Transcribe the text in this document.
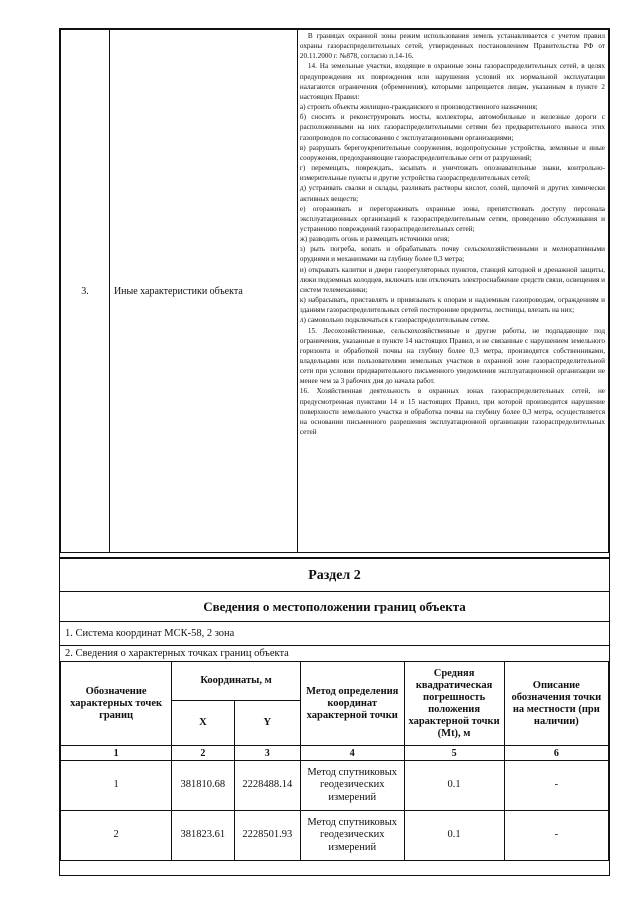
3.	Иные характеристики объекта	

В границах охранной зоны режим использования земель устанавливается с учетом правил охраны газораспределительных сетей, утвержденных постановлением Правительства РФ от 20.11.2000 г. №878, согласно п.14-16.

14. На земельные участки, входящие в охранные зоны газораспределительных сетей, в целях предупреждения их повреждения или нарушения условий их нормальной эксплуатации налагаются ограничения (обременения), которыми запрещается лицам, указанным в пункте 2 настоящих Правил:

а) строить объекты жилищно-гражданского и производственного назначения;

б) сносить и реконструировать мосты, коллекторы, автомобильные и железные дороги с расположенными на них газораспределительными сетями без предварительного выноса этих газопроводов по согласованию с эксплуатационными организациями;

в) разрушать берегоукрепительные сооружения, водопропускные устройства, земляные и иные сооружения, предохраняющие газораспределительные сети от разрушений;

г) перемещать, повреждать, засыпать и уничтожать опознавательные знаки, контрольно-измерительные пункты и другие устройства газораспределительных сетей;

д) устраивать свалки и склады, разливать растворы кислот, солей, щелочей и других химически активных веществ;

е) огораживать и перегораживать охранные зоны, препятствовать доступу персонала эксплуатационных организаций к газораспределительным сетям, проведению обслуживания и устранению повреждений газораспределительных сетей;

ж) разводить огонь и размещать источники огня;

з) рыть погреба, копать и обрабатывать почву сельскохозяйственными и мелиоративными орудиями и механизмами на глубину более 0,3 метра;

и) открывать калитки и двери газорегуляторных пунктов, станций катодной и дренажной защиты, люки подземных колодцев, включать или отключать электроснабжение средств связи, освещения и систем телемеханики;

к) набрасывать, приставлять и привязывать к опорам и надземным газопроводам, ограждениям и зданиям газораспределительных сетей посторонние предметы, лестницы, влезать на них;

л) самовольно подключаться к газораспределительным сетям.

15. Лесохозяйственные, сельскохозяйственные и другие работы, не подпадающие под ограничения, указанные в пункте 14 настоящих Правил, и не связанные с нарушением земельного горизонта и обработкой почвы на глубину более 0,3 метра, производятся собственниками, владельцами или пользователями земельных участков в охранной зоне газораспределительной сети при условии предварительного письменного уведомления эксплуатационной организации не менее чем за 3 рабочих дня до начала работ.

16. Хозяйственная деятельность в охранных зонах газораспределительных сетей, не предусмотренная пунктами 14 и 15 настоящих Правил, при которой производится нарушение поверхности земельного участка и обработка почвы на глубину более 0,3 метра, осуществляется на основании письменного разрешения эксплуатационной организации газораспределительных сетей

Раздел 2
Сведения о местоположении границ объекта
1. Система координат МСК-58, 2 зона
2. Сведения о характерных точках границ объекта
Обозначение характерных точек границ	Координаты, м		Метод определения координат характерной точки	Средняя квадратическая погрешность положения характерной точки (Mt), м	Описание обозначения точки на местности (при наличии)
	X	Y			
1	2	3	4	5	6
1	381810.68	2228488.14	Метод спутниковых геодезических измерений	0.1	-
2	381823.61	2228501.93	Метод спутниковых геодезических измерений	0.1	-
